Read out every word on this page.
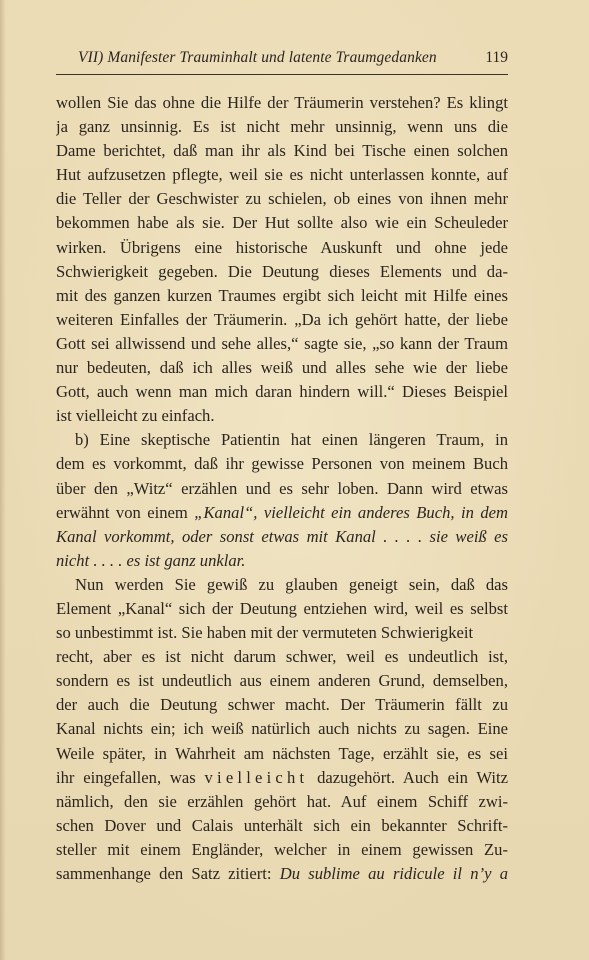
VII) Manifester Trauminhalt und latente Traumgedanken	119
wollen Sie das ohne die Hilfe der Träumerin verstehen? Es klingt
ja ganz unsinnig. Es ist nicht mehr unsinnig, wenn uns die
Dame berichtet, daß man ihr als Kind bei Tische einen solchen
Hut aufzusetzen pflegte, weil sie es nicht unterlassen konnte, auf
die Teller der Geschwister zu schielen, ob eines von ihnen mehr
bekommen habe als sie. Der Hut sollte also wie ein Scheuleder
wirken. Übrigens eine historische Auskunft und ohne jede
Schwierigkeit gegeben. Die Deutung dieses Elements und da-
mit des ganzen kurzen Traumes ergibt sich leicht mit Hilfe eines
weiteren Einfalles der Träumerin. „Da ich gehört hatte, der liebe
Gott sei allwissend und sehe alles,“ sagte sie, „so kann der Traum
nur bedeuten, daß ich alles weiß und alles sehe wie der liebe
Gott, auch wenn man mich daran hindern will.“ Dieses Beispiel
ist vielleicht zu einfach.
b) Eine skeptische Patientin hat einen längeren Traum, in
dem es vorkommt, daß ihr gewisse Personen von meinem Buch
über den „Witz“ erzählen und es sehr loben. Dann wird etwas
erwähnt von einem „Kanal“, vielleicht ein anderes Buch, in dem
Kanal vorkommt, oder sonst etwas mit Kanal . . . . sie weiß es
nicht . . . . es ist ganz unklar.
Nun werden Sie gewiß zu glauben geneigt sein, daß das
Element „Kanal“ sich der Deutung entziehen wird, weil es selbst
so unbestimmt ist. Sie haben mit der vermuteten Schwierigkeit
recht, aber es ist nicht darum schwer, weil es undeutlich ist,
sondern es ist undeutlich aus einem anderen Grund, demselben,
der auch die Deutung schwer macht. Der Träumerin fällt zu
Kanal nichts ein; ich weiß natürlich auch nichts zu sagen. Eine
Weile später, in Wahrheit am nächsten Tage, erzählt sie, es sei
ihr eingefallen, was vielleicht dazugehört. Auch ein Witz
nämlich, den sie erzählen gehört hat. Auf einem Schiff zwi-
schen Dover und Calais unterhält sich ein bekannter Schrift-
steller mit einem Engländer, welcher in einem gewissen Zu-
sammenhange den Satz zitiert: Du sublime au ridicule il n’y a
